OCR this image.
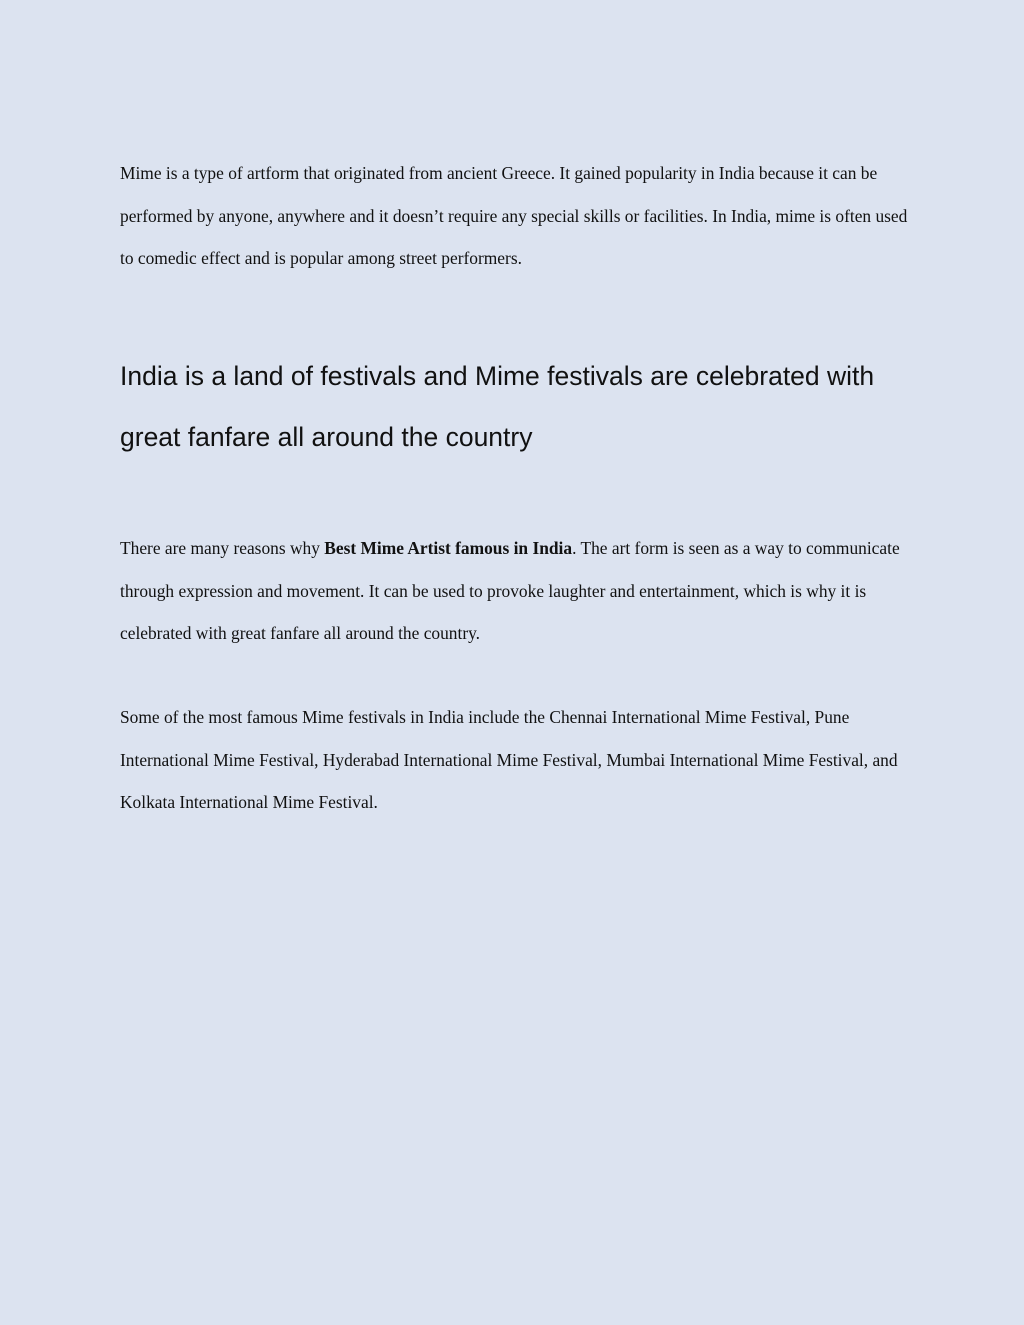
Mime is a type of artform that originated from ancient Greece. It gained popularity in India because it can be performed by anyone, anywhere and it doesn’t require any special skills or facilities. In India, mime is often used to comedic effect and is popular among street performers.

India is a land of festivals and Mime festivals are celebrated with great fanfare all around the country

There are many reasons why Best Mime Artist famous in India. The art form is seen as a way to communicate through expression and movement. It can be used to provoke laughter and entertainment, which is why it is celebrated with great fanfare all around the country.

Some of the most famous Mime festivals in India include the Chennai International Mime Festival, Pune International Mime Festival, Hyderabad International Mime Festival, Mumbai International Mime Festival, and Kolkata International Mime Festival.
